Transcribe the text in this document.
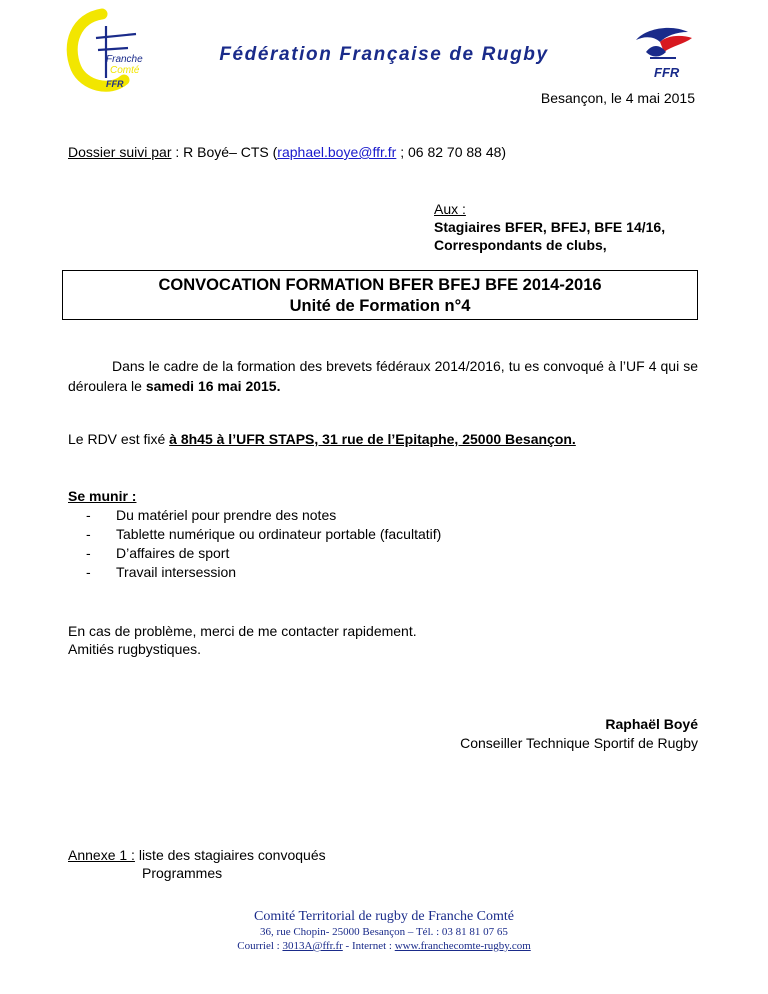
Franche
Comté
FFR
Fédération Française de Rugby
FFR
Besançon, le 4 mai 2015
Dossier suivi par : R Boyé– CTS (raphael.boye@ffr.fr ; 06 82 70 88 48)
Aux :
Stagiaires BFER, BFEJ, BFE 14/16,
Correspondants de clubs,
CONVOCATION FORMATION BFER BFEJ BFE 2014-2016
Unité de Formation n°4
Dans le cadre de la formation des brevets fédéraux 2014/2016, tu es convoqué à l’UF 4 qui se déroulera le samedi 16 mai 2015.
Le RDV est fixé à 8h45 à l’UFR STAPS, 31 rue de l’Epitaphe, 25000 Besançon.
Se munir :
-	Du matériel pour prendre des notes
-	Tablette numérique ou ordinateur portable (facultatif)
-	D’affaires de sport
-	Travail intersession
En cas de problème, merci de me contacter rapidement.
Amitiés rugbystiques.
Raphaël Boyé
Conseiller Technique Sportif de Rugby
Annexe 1 : liste des stagiaires convoqués
Programmes
Comité Territorial de rugby de Franche Comté
36, rue Chopin- 25000 Besançon – Tél. : 03 81 81 07 65
Courriel : 3013A@ffr.fr - Internet : www.franchecomte-rugby.com
